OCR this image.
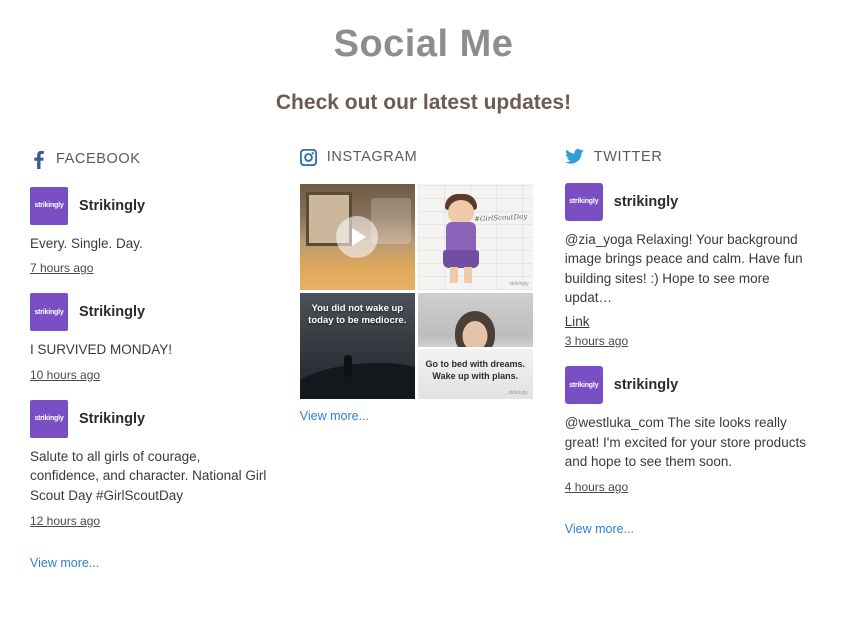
Social Me
Check out our latest updates!
FACEBOOK
strikingly	Strikingly

Every. Single. Day.

7 hours ago
strikingly	Strikingly

I SURVIVED MONDAY!

10 hours ago
strikingly	Strikingly

Salute to all girls of courage, confidence, and character. National Girl Scout Day #GirlScoutDay

12 hours ago
View more...
INSTAGRAM
#GirlScoutDay
strikingly
You did not wake up today to be mediocre.
Go to bed with dreams. Wake up with plans.
strikingly
View more...
TWITTER
strikingly	strikingly

@zia_yoga Relaxing! Your background image brings peace and calm. Have fun building sites! :) Hope to see more updat…

Link
3 hours ago
strikingly	strikingly

@westluka_com The site looks really great! I'm excited for your store products and hope to see them soon.

4 hours ago
View more...
